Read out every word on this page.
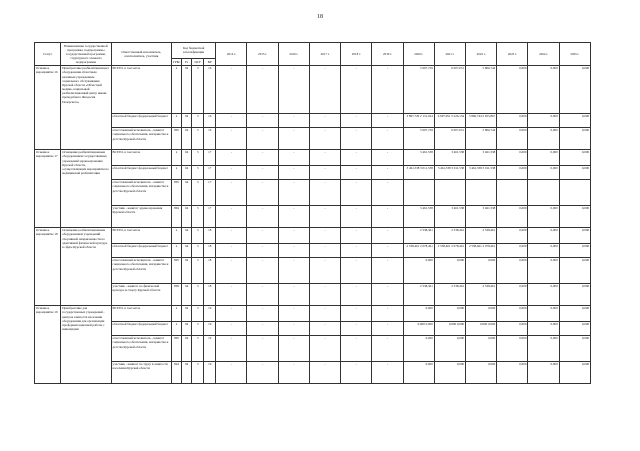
18
Статус	Наименование государственной программы, подпрограммы государственной программы, структурного элемента подпрограммы	Ответственный исполнитель, соисполнитель, участник	Код бюджетной классификации				2014 г.	2015 г.	2016 г.	2017 г.	2018 г.	2019 г.	2020 г.	2021 г.	2022 г.	2023 г.	2024 г.	2025 г.
			ГРБС	Рз	ЦСР	ВР												
Основное мероприятие 16	Приобретение реабилитационного оборудования областным казенным учреждением социального обслуживания Курской области «Областной медико-социальный реабилитационный центр имени преподобного Феодосия Печерского»	ВСЕГО, в том числе	х	04	3	16	-	-	-	-	-	-	5 607,729	6 007,051	5 806,744	0,000	0,000	0,000
		областной бюджет федеральный бюджет	х	04	3	16	-	-	-	-	-	-	3 897,729 2 131,024	6 007,051 5 226,134	5 806,744 5 055,867	0,000	0,000	0,000
		ответственный исполнитель - комитет социального обеспечения, материнства и детства Курской области	805	04	3	16	-	-	-	-	-	-	5 607,729	6 007,051	5 806,744	0,000	0,000	0,000
Основное мероприятие 17	Оснащение реабилитационным оборудованием государственных учреждений здравоохранения Курской области, осуществляющих мероприятия по медицинской реабилитации	ВСЕГО, в том числе	х	04	3	17	-	-	-	-	-	-	3 461,538	3 461,538	3 461,538	0,000	0,000	0,000
		областной бюджет федеральный бюджет	х	04	3	17	-	-	-	-	-	-	3 461,538 3 011,538	3 461,538 3 011,538	3 461,538 3 011,538	0,000	0,000	0,000
		ответственный исполнитель - комитет социального обеспечения, материнства и детства Курской области	805	04	3	17	-	-	-	-	-	-						
		участник - комитет здравоохранения Курской области	804	04	3	17	-	-	-	-	-	-	3 461,538	3 461,538	3 461,538	0,000	0,000	0,000
Основное мероприятие 18	Оснащение реабилитационным оборудованием учреждений спортивной направленности по адаптивной физической культуре в сфере Курской области	ВСЕГО, в том числе	х	04	3	18	-	-	-	-	-	-	2 538,461	2 538,461	2 538,461	0,000	0,000	0,000
		областной бюджет федеральный бюджет	х	04	3	18	-	-	-	-	-	-	2 538,461 2 078,461	2 538,461 2 078,461	2 538,461 2 078,461	0,000	0,000	0,000
		ответственный исполнитель - комитет социального обеспечения, материнства и детства Курской области	805	04	3	18	-	-	-	-	-	-	0,000	0,000	0,000	0,000	0,000	0,000
		участник - комитет по физической культуре и спорту Курской области	809	04	3	18	-	-	-	-	-	-	2 538,461	2 538,461	2 538,461	0,000	0,000	0,000
Основное мероприятие 19	Приобретение для государственных учреждений - центров занятости населения оборудования для организации профориентационной работы с инвалидами	ВСЕГО, в том числе	х	04	3	19	-	-	-	-	-	-	0,000	0,000	0,000	0,000	0,000	0,000
		областной бюджет федеральный бюджет	х	04	3	19	-	-	-	-	-	-	0,000 0,000	0,000 0,000	0,000 0,000	0,000	0,000	0,000
		ответственный исполнитель - комитет социального обеспечения, материнства и детства Курской области	805	04	3	19	-	-	-	-	-	-	0,000	0,000	0,000	0,000	0,000	0,000
		участник - комитет по труду и занятости населения Курской области	824	04	3	19	-	-	-	-	-	-	0,000	0,000	0,000	0,000	0,000	0,000
